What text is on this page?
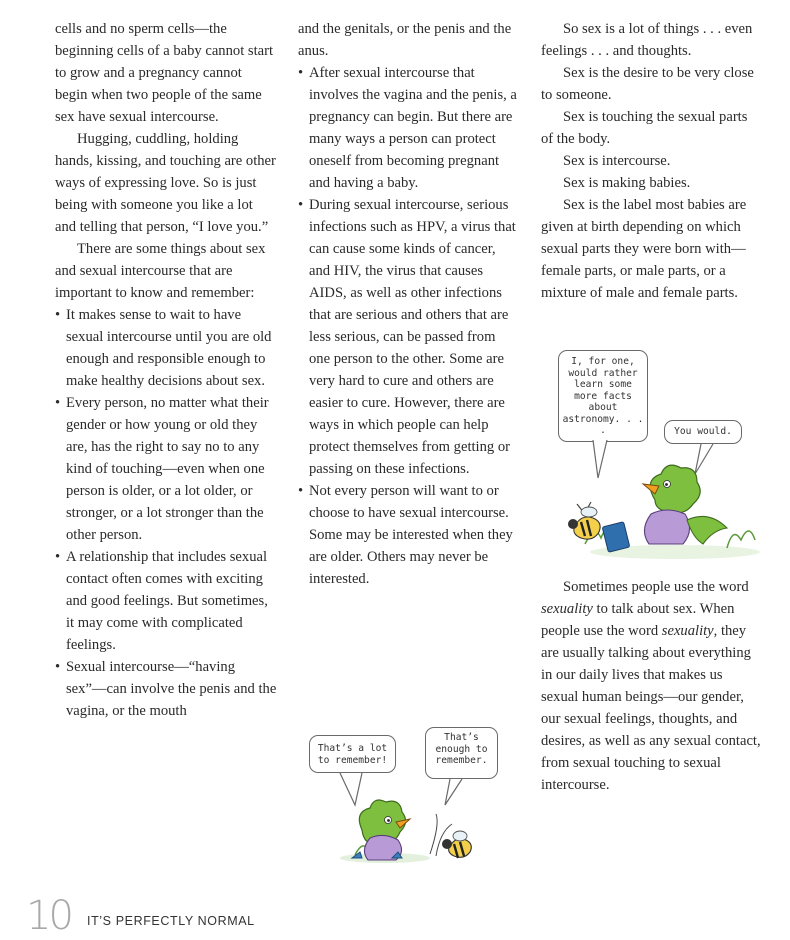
cells and no sperm cells—the beginning cells of a baby cannot start to grow and a pregnancy cannot begin when two people of the same sex have sexual intercourse.

Hugging, cuddling, holding hands, kissing, and touching are other ways of expressing love. So is just being with someone you like a lot and telling that person, “I love you.”

There are some things about sex and sexual intercourse that are important to know and remember:

• It makes sense to wait to have sexual intercourse until you are old enough and responsible enough to make healthy decisions about sex.
• Every person, no matter what their gender or how young or old they are, has the right to say no to any kind of touching—even when one person is older, or a lot older, or stronger, or a lot stronger than the other person.
• A relationship that includes sexual contact often comes with exciting and good feelings. But sometimes, it may come with complicated feelings.
• Sexual intercourse—“having sex”—can involve the penis and the vagina, or the mouth

and the genitals, or the penis and the anus.

• After sexual intercourse that involves the vagina and the penis, a pregnancy can begin. But there are many ways a person can protect oneself from becoming pregnant and having a baby.
• During sexual intercourse, serious infections such as HPV, a virus that can cause some kinds of cancer, and HIV, the virus that causes AIDS, as well as other infections that are serious and others that are less serious, can be passed from one person to the other. Some are very hard to cure and others are easier to cure. However, there are ways in which people can help protect themselves from getting or passing on these infections.
• Not every person will want to or choose to have sexual intercourse. Some may be interested when they are older. Others may never be interested.
That’s a lot to remember!
That’s enough to remember.

So sex is a lot of things . . . even feelings . . . and thoughts.

Sex is the desire to be very close to someone.

Sex is touching the sexual parts of the body.

Sex is intercourse.

Sex is making babies.

Sex is the label most babies are given at birth depending on which sexual parts they were born with—female parts, or male parts, or a mixture of male and female parts.

I, for one, would rather learn some more facts about astronomy. . . .	You would.

Sometimes people use the word sexuality to talk about sex. When people use the word sexuality, they are usually talking about everything in our daily lives that makes us sexual human beings—our gender, our sexual feelings, thoughts, and desires, as well as any sexual contact, from sexual touching to sexual intercourse.

10 IT’S PERFECTLY NORMAL
